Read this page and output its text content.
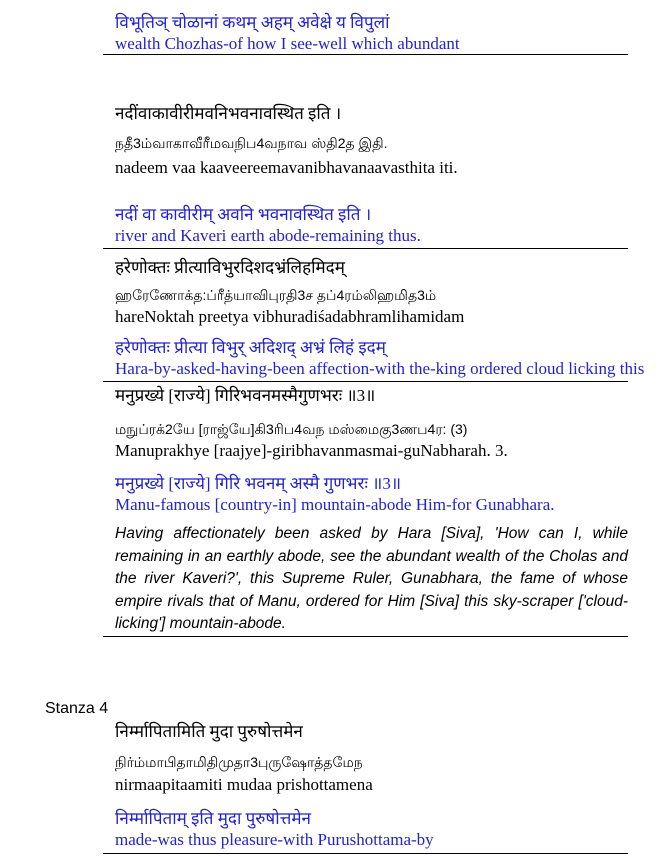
विभूतिञ् चोळानां कथम् अहम् अवेक्षे य विपुलां
wealth Chozhas-of how I see-well which abundant
नदींवाकावीरीमवनिभवनावस्थित इति ।
நதீ3ம்வாகாவீரீமவநிப4வநாவ ஸ்தி2த இதி.
nadeem vaa kaaveereemavanibhavanaavasthita iti.
नदीं वा कावीरीम् अवनि भवनावस्थित इति ।
river and Kaveri earth abode-remaining thus.
हरेणोक्तः प्रीत्याविभुरदिशदभ्रंलिहमिदम्
ஹரேணோக்த:ப்ரீத்யாவிபுரதி3ச தப்4ரம்லிஹமித3ம்
hareNoktah preetya vibhuradiśadabhramlihamidam
हरेणोक्तः प्रीत्या विभुर् अदिशद् अभ्रं लिहं इदम्
Hara-by-asked-having-been affection-with the-king ordered cloud licking this
मनुप्रख्ये [राज्ये] गिरिभवनमस्मैगुणभरः ॥3॥
மநுப்ரக்2யே [ராஜ்யே]கி3ரிப4வந மஸ்மைகு3ணப4ர: (3)
Manuprakhye [raajye]-giribhavanmasmai-guNabharah. 3.
मनुप्रख्ये [राज्ये] गिरि भवनम् अस्मै गुणभरः ॥3॥
Manu-famous [country-in] mountain-abode Him-for Gunabhara.
Having affectionately been asked by Hara [Siva], 'How can I, while remaining in an earthly abode, see the abundant wealth of the Cholas and the river Kaveri?', this Supreme Ruler, Gunabhara, the fame of whose empire rivals that of Manu, ordered for Him [Siva] this sky-scraper ['cloud-licking'] mountain-abode.
Stanza 4
निर्म्मापितामिति मुदा पुरुषोत्तमेन
நிர்ம்மாபிதாமிதிமுதா3புருஷோத்தமேந
nirmaapitaamiti mudaa prishottamena
निर्म्मापिताम् इति मुदा पुरुषोत्तमेन
made-was thus pleasure-with Purushottama-by
